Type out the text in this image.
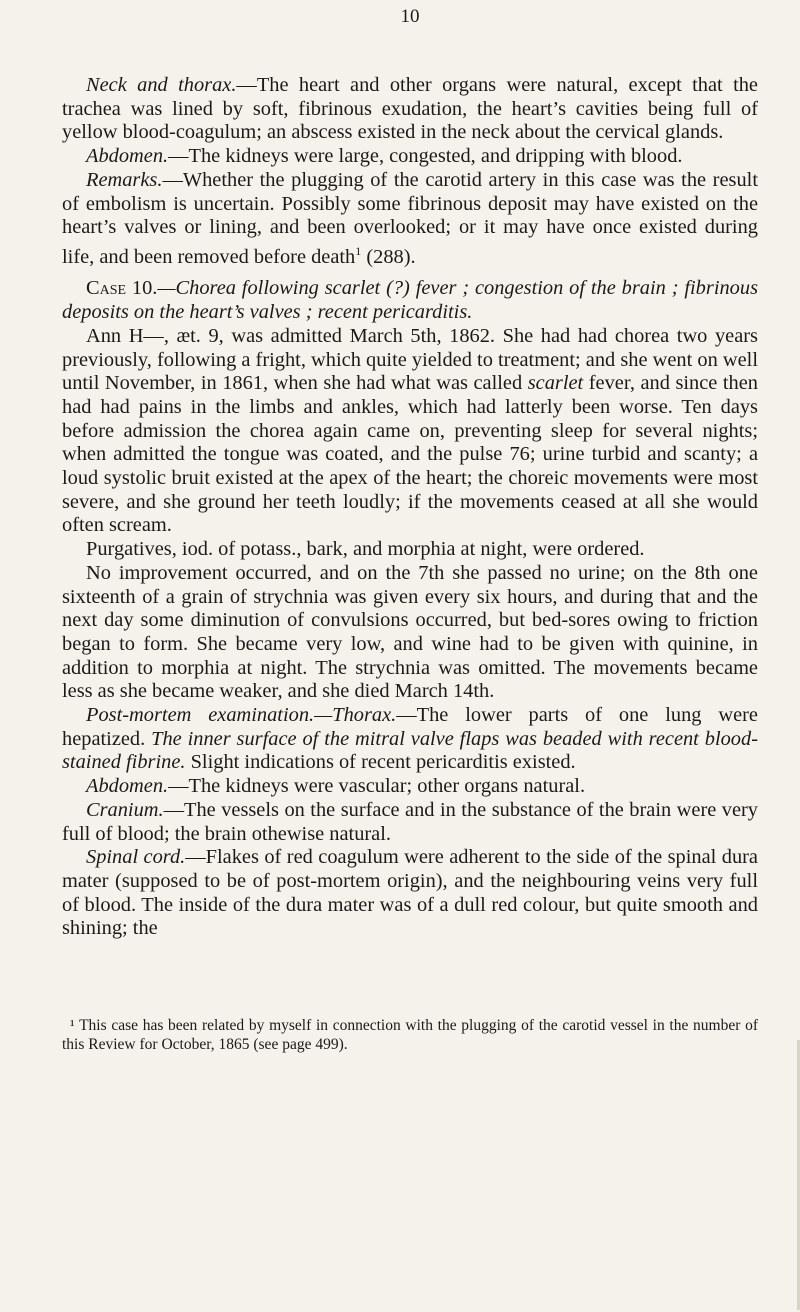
10

Neck and thorax.—The heart and other organs were natural, except that the trachea was lined by soft, fibrinous exudation, the heart’s cavities being full of yellow blood-coagulum; an abscess existed in the neck about the cervical glands.

Abdomen.—The kidneys were large, congested, and dripping with blood.

Remarks.—Whether the plugging of the carotid artery in this case was the result of embolism is uncertain. Possibly some fibrinous deposit may have existed on the heart’s valves or lining, and been overlooked; or it may have once existed during life, and been removed before death$^1$ (288).

Case 10.—Chorea following scarlet (?) fever ; congestion of the brain ; fibrinous deposits on the heart’s valves ; recent pericarditis.

Ann H—, æt. 9, was admitted March 5th, 1862. She had had chorea two years previously, following a fright, which quite yielded to treatment; and she went on well until November, in 1861, when she had what was called scarlet fever, and since then had had pains in the limbs and ankles, which had latterly been worse. Ten days before admission the chorea again came on, preventing sleep for several nights; when admitted the tongue was coated, and the pulse 76; urine turbid and scanty; a loud systolic bruit existed at the apex of the heart; the choreic movements were most severe, and she ground her teeth loudly; if the movements ceased at all she would often scream.

Purgatives, iod. of potass., bark, and morphia at night, were ordered.

No improvement occurred, and on the 7th she passed no urine; on the 8th one sixteenth of a grain of strychnia was given every six hours, and during that and the next day some diminution of convulsions occurred, but bed-sores owing to friction began to form. She became very low, and wine had to be given with quinine, in addition to morphia at night. The strychnia was omitted. The movements became less as she became weaker, and she died March 14th.

Post-mortem examination.—Thorax.—The lower parts of one lung were hepatized. The inner surface of the mitral valve flaps was beaded with recent blood-stained fibrine. Slight indications of recent pericarditis existed.

Abdomen.—The kidneys were vascular; other organs natural.

Cranium.—The vessels on the surface and in the substance of the brain were very full of blood; the brain othewise natural.

Spinal cord.—Flakes of red coagulum were adherent to the side of the spinal dura mater (supposed to be of post-mortem origin), and the neighbouring veins very full of blood. The inside of the dura mater was of a dull red colour, but quite smooth and shining; the

¹ This case has been related by myself in connection with the plugging of the carotid vessel in the number of this Review for October, 1865 (see page 499).
